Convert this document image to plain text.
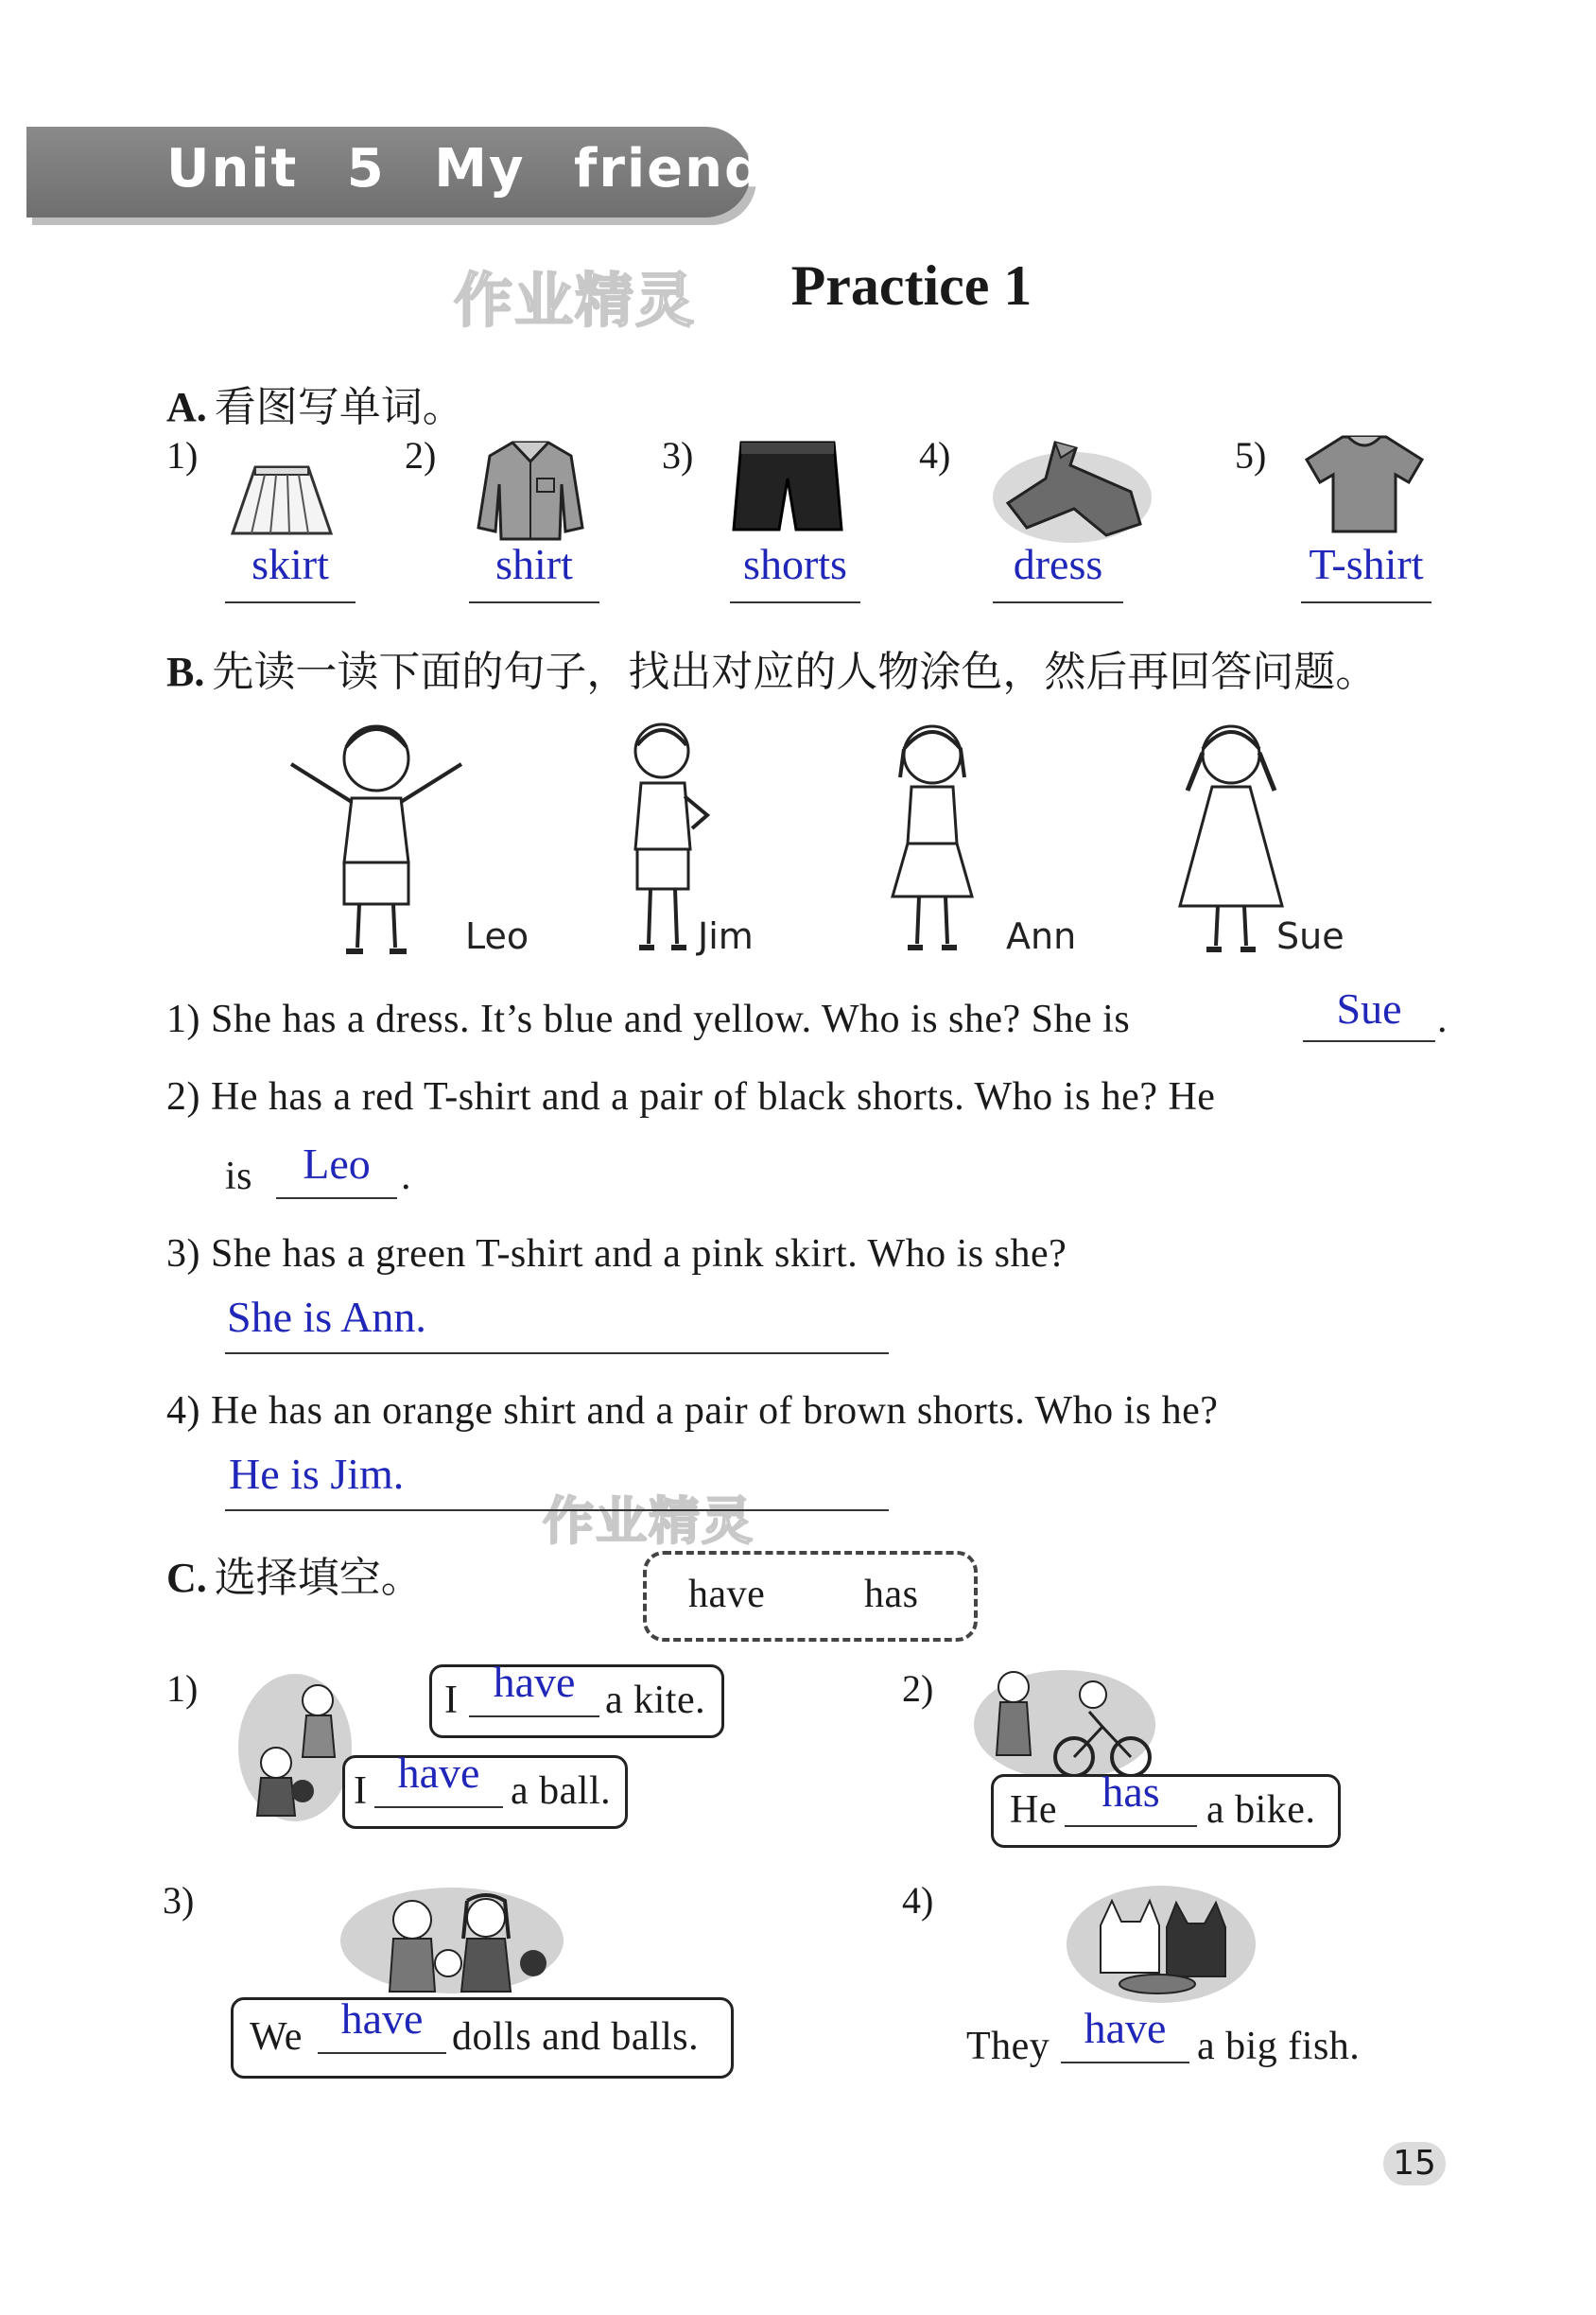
Unit 5 My friends
作业精灵	Practice 1
A. 看图写单词。
1)	2)	3)	4)	5)
skirt	shirt	shorts	dress	T-shirt
B. 先读一读下面的句子，找出对应的人物涂色，然后再回答问题。
Leo	Jim	Ann	Sue
1) She has a dress. It’s blue and yellow. Who is she? She is	Sue .
2) He has a red T-shirt and a pair of black shorts. Who is he? He
is	Leo .
3) She has a green T-shirt and a pink skirt. Who is she?
She is Ann.
4) He has an orange shirt and a pair of brown shorts. Who is he?
作业精灵
He is Jim.
C. 选择填空。	have has
1)	I have a kite.
I have a ball.
2)
He	has	a bike.
3)
We have dolls and balls.
4)
They have a big fish.
15
